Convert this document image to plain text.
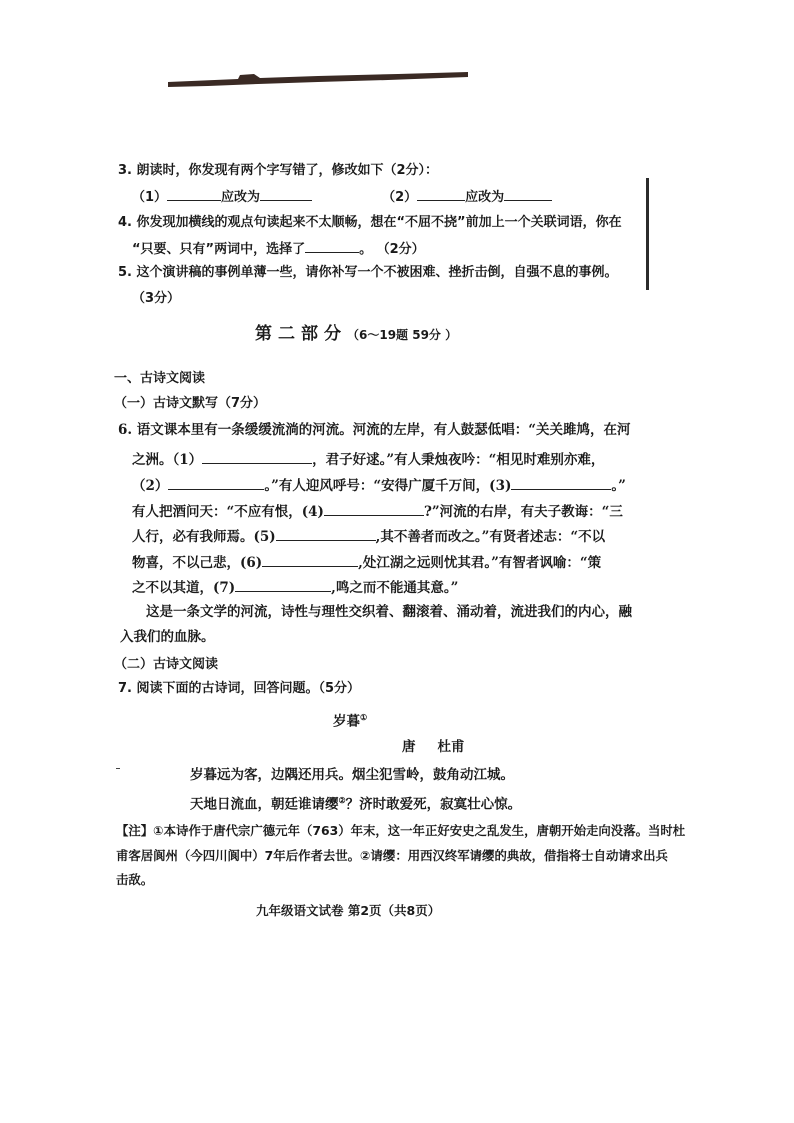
3. 朗读时，你发现有两个字写错了，修改如下（2分）：
（1）	应改为	（2）	应改为
4. 你发现加横线的观点句读起来不太顺畅，想在“不屈不挠”前加上一个关联词语，你在
“只要、只有”两词中，选择了	。 （2分）
5. 这个演讲稿的事例单薄一些，请你补写一个不被困难、挫折击倒，自强不息的事例。
（3分）
第二部分（6～19题 59分 ）
一、古诗文阅读
（一）古诗文默写（7分）
6. 语文课本里有一条缓缓流淌的河流。河流的左岸，有人鼓瑟低唱：“关关雎鸠，在河
之洲。（1）	，君子好逑。”有人秉烛夜吟：“相见时难别亦难，
（2）	。”有人迎风呼号：“安得广厦千万间，(3)	。”
有人把酒问天：“不应有恨，(4)	?”河流的右岸，有夫子教诲：“三
人行，必有我师焉。(5)	,其不善者而改之。”有贤者述志：“不以
物喜，不以己悲，(6)	,处江湖之远则忧其君。”有智者讽喻：“策
之不以其道，(7)	,鸣之而不能通其意。”
这是一条文学的河流，诗性与理性交织着、翻滚着、涌动着，流进我们的内心，融
入我们的血脉。
（二）古诗文阅读
7. 阅读下面的古诗词，回答问题。（5分）
岁暮①
唐 杜甫
岁暮远为客，边隅还用兵。烟尘犯雪岭，鼓角动江城。
天地日流血，朝廷谁请缨②？济时敢爱死，寂寞壮心惊。
【注】①本诗作于唐代宗广德元年（763）年末，这一年正好安史之乱发生，唐朝开始走向没落。当时杜
甫客居阆州（今四川阆中）7年后作者去世。②请缨：用西汉终军请缨的典故，借指将士自动请求出兵
击敌。
九年级语文试卷 第2页（共8页）
